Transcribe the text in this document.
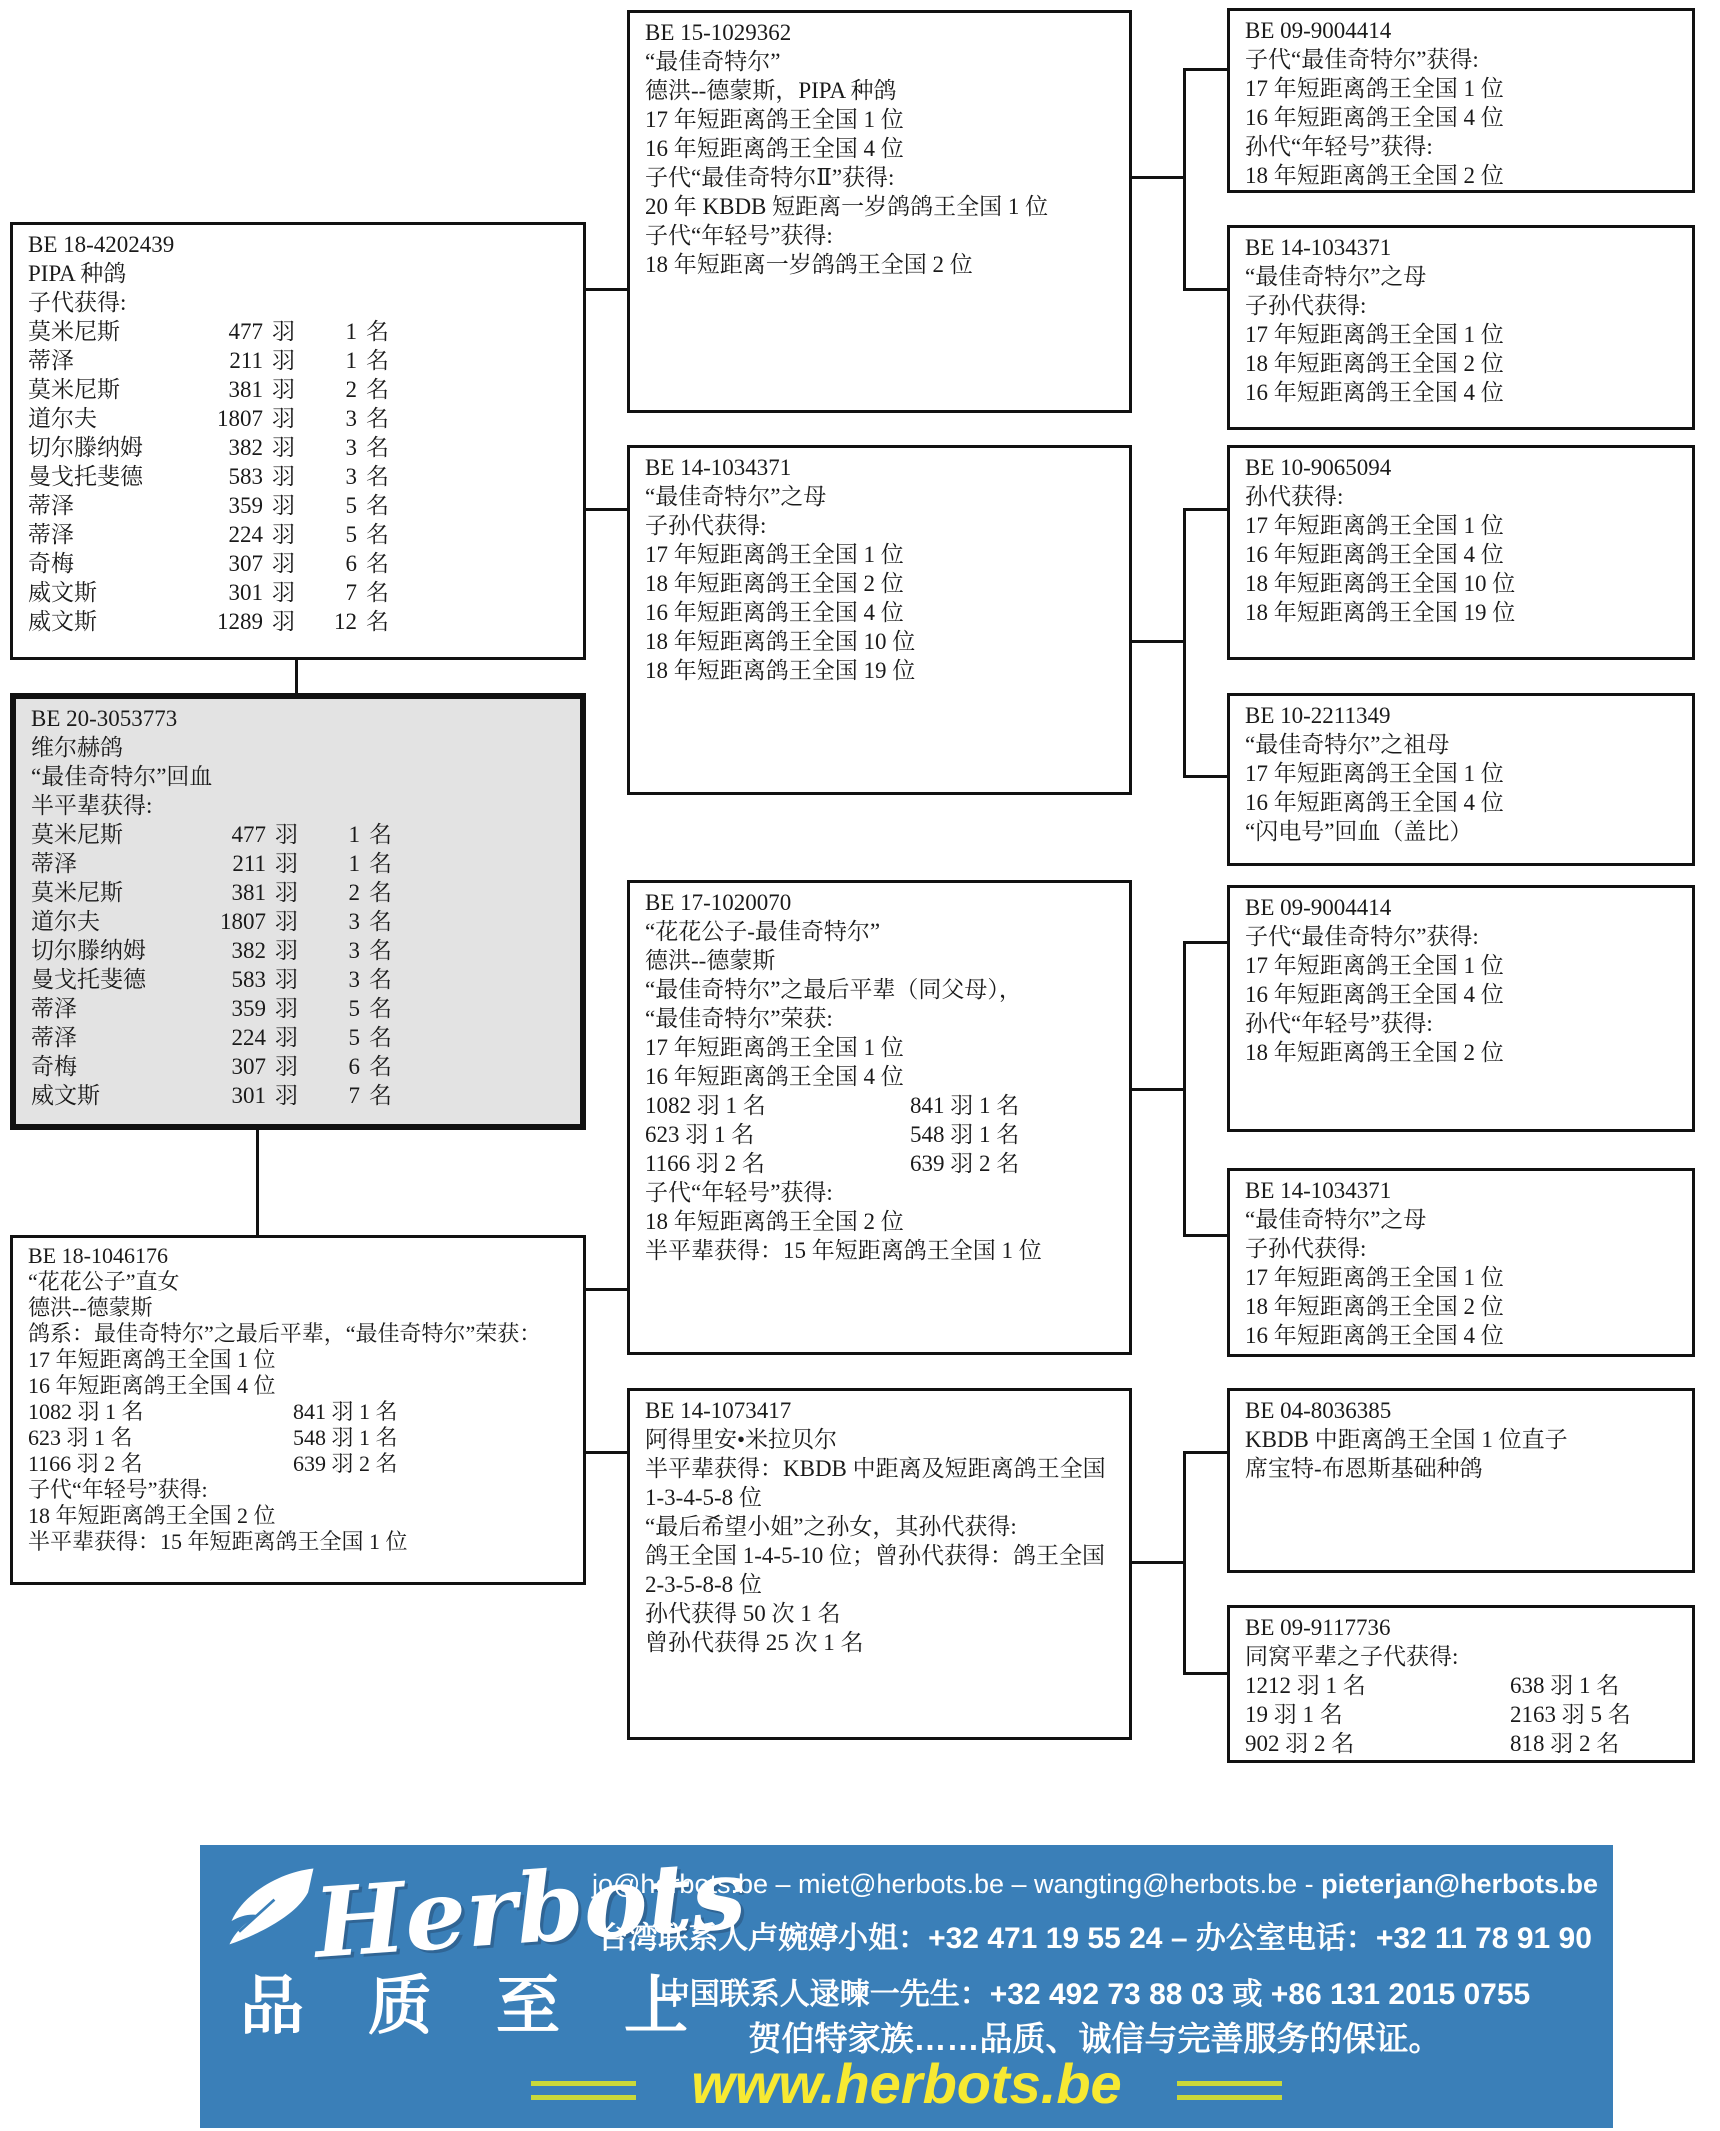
BE 18-4202439
PIPA 种鸽
子代获得:
莫米尼斯	477 羽	1 名
蒂泽	211 羽	1 名
莫米尼斯	381 羽	2 名
道尔夫	1807 羽	3 名
切尔滕纳姆	382 羽	3 名
曼戈托斐德	583 羽	3 名
蒂泽	359 羽	5 名
蒂泽	224 羽	5 名
奇梅	307 羽	6 名
威文斯	301 羽	7 名
威文斯	1289 羽	12 名
BE 20-3053773
维尔赫鸽
“最佳奇特尔”回血
半平辈获得:
莫米尼斯	477 羽	1 名
蒂泽	211 羽	1 名
莫米尼斯	381 羽	2 名
道尔夫	1807 羽	3 名
切尔滕纳姆	382 羽	3 名
曼戈托斐德	583 羽	3 名
蒂泽	359 羽	5 名
蒂泽	224 羽	5 名
奇梅	307 羽	6 名
威文斯	301 羽	7 名
BE 18-1046176
“花花公子”直女
德洪--德蒙斯
鸽系：最佳奇特尔”之最后平辈，“最佳奇特尔”荣获：
17 年短距离鸽王全国 1 位
16 年短距离鸽王全国 4 位
1082 羽 1 名	841 羽 1 名
623 羽 1 名	548 羽 1 名
1166 羽 2 名	639 羽 2 名
子代“年轻号”获得:
18 年短距离鸽王全国 2 位
半平辈获得：15 年短距离鸽王全国 1 位
BE 15-1029362
“最佳奇特尔”
德洪--德蒙斯，PIPA 种鸽
17 年短距离鸽王全国 1 位
16 年短距离鸽王全国 4 位
子代“最佳奇特尔Ⅱ”获得:
20 年 KBDB 短距离一岁鸽鸽王全国 1 位
子代“年轻号”获得:
18 年短距离一岁鸽鸽王全国 2 位
BE 14-1034371
“最佳奇特尔”之母
子孙代获得:
17 年短距离鸽王全国 1 位
18 年短距离鸽王全国 2 位
16 年短距离鸽王全国 4 位
18 年短距离鸽王全国 10 位
18 年短距离鸽王全国 19 位
BE 17-1020070
“花花公子-最佳奇特尔”
德洪--德蒙斯
“最佳奇特尔”之最后平辈（同父母），
“最佳奇特尔”荣获:
17 年短距离鸽王全国 1 位
16 年短距离鸽王全国 4 位
1082 羽 1 名	841 羽 1 名
623 羽 1 名	548 羽 1 名
1166 羽 2 名	639 羽 2 名
子代“年轻号”获得:
18 年短距离鸽王全国 2 位
半平辈获得：15 年短距离鸽王全国 1 位
BE 14-1073417
阿得里安•米拉贝尔
半平辈获得：KBDB 中距离及短距离鸽王全国 1-3-4-5-8 位
“最后希望小姐”之孙女，其孙代获得:
鸽王全国 1-4-5-10 位；曾孙代获得：鸽王全国 2-3-5-8-8 位
孙代获得 50 次 1 名
曾孙代获得 25 次 1 名
BE 09-9004414
子代“最佳奇特尔”获得:
17 年短距离鸽王全国 1 位
16 年短距离鸽王全国 4 位
孙代“年轻号”获得:
18 年短距离鸽王全国 2 位
BE 14-1034371
“最佳奇特尔”之母
子孙代获得:
17 年短距离鸽王全国 1 位
18 年短距离鸽王全国 2 位
16 年短距离鸽王全国 4 位
BE 10-9065094
孙代获得:
17 年短距离鸽王全国 1 位
16 年短距离鸽王全国 4 位
18 年短距离鸽王全国 10 位
18 年短距离鸽王全国 19 位
BE 10-2211349
“最佳奇特尔”之祖母
17 年短距离鸽王全国 1 位
16 年短距离鸽王全国 4 位
“闪电号”回血（盖比）
BE 09-9004414
子代“最佳奇特尔”获得:
17 年短距离鸽王全国 1 位
16 年短距离鸽王全国 4 位
孙代“年轻号”获得:
18 年短距离鸽王全国 2 位
BE 14-1034371
“最佳奇特尔”之母
子孙代获得:
17 年短距离鸽王全国 1 位
18 年短距离鸽王全国 2 位
16 年短距离鸽王全国 4 位
BE 04-8036385
KBDB 中距离鸽王全国 1 位直子
席宝特-布恩斯基础种鸽
BE 09-9117736
同窝平辈之子代获得:
1212 羽 1 名	638 羽 1 名
19 羽 1 名	2163 羽 5 名
902 羽 2 名	818 羽 2 名
Herbots
品质至上
jo@herbots.be – miet@herbots.be – wangting@herbots.be - pieterjan@herbots.be
台湾联系人卢婉婷小姐：+32 471 19 55 24 – 办公室电话：+32 11 78 91 90
中国联系人逯暕一先生：+32 492 73 88 03 或 +86 131 2015 0755
贺伯特家族……品质、诚信与完善服务的保证。
www.herbots.be
